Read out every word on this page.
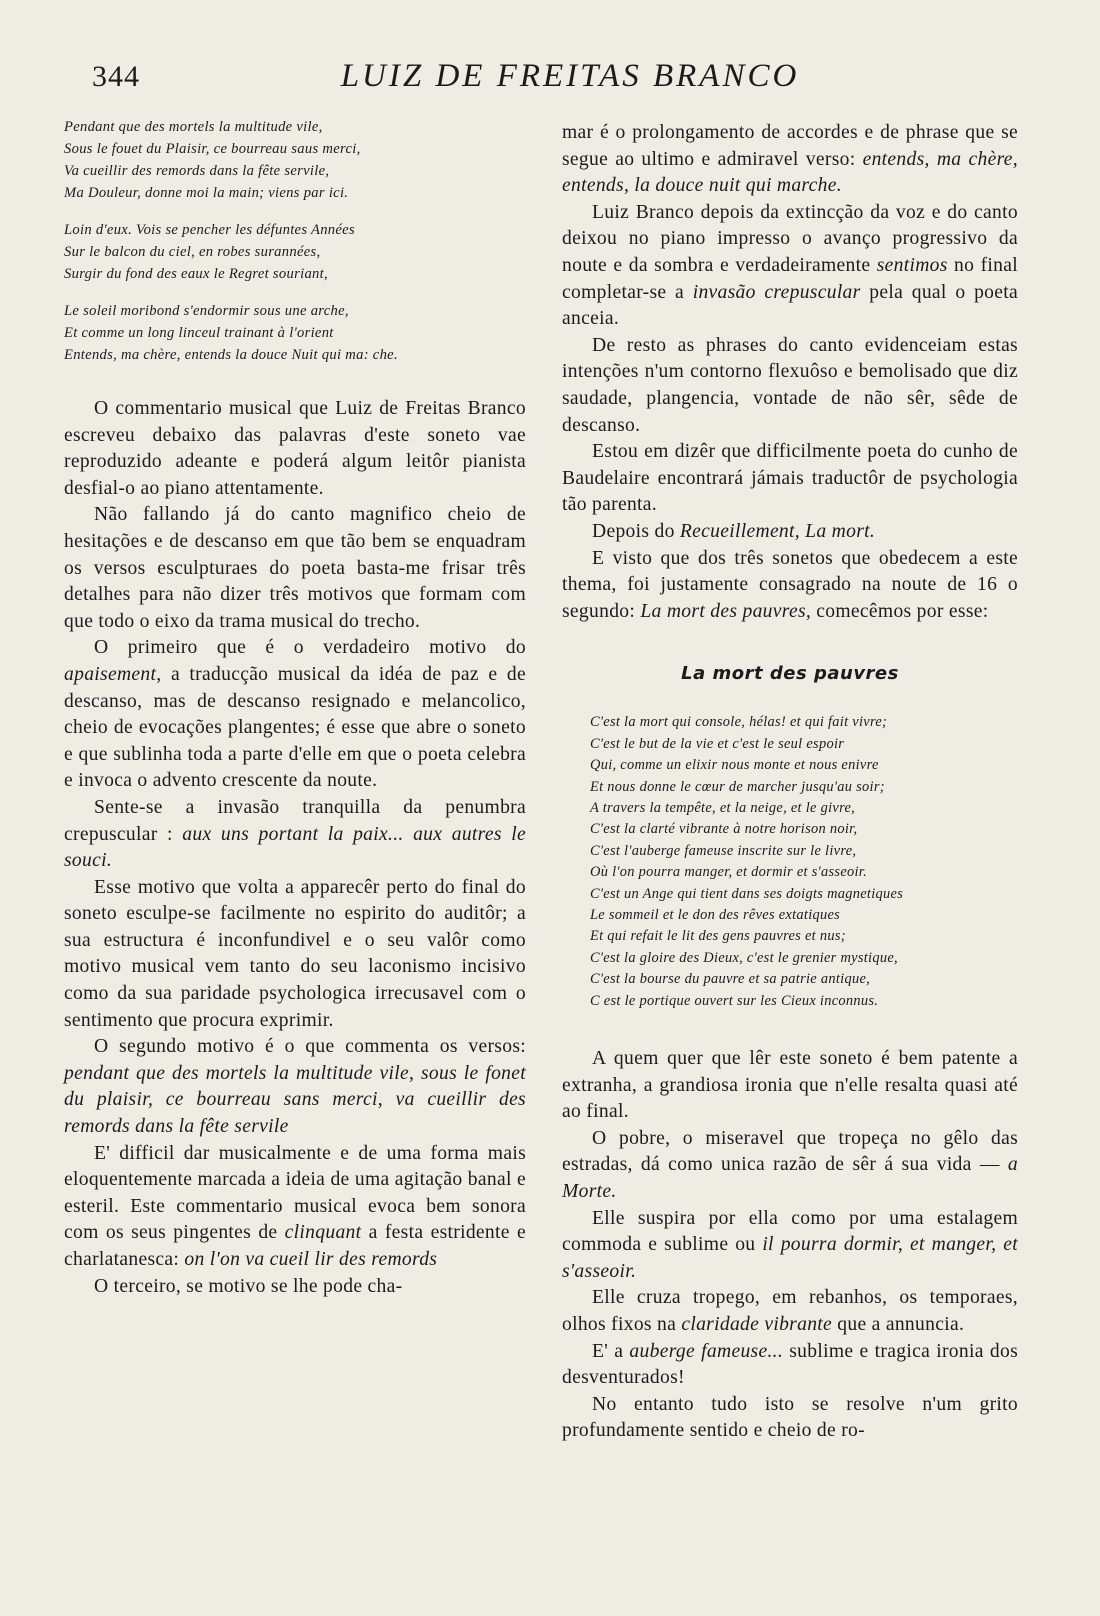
344	LUIZ DE FREITAS BRANCO
Pendant que des mortels la multitude vile,
Sous le fouet du Plaisir, ce bourreau saus merci,
Va cueillir des remords dans la fête servile,
Ma Douleur, donne moi la main; viens par ici.
Loin d'eux. Vois se pencher les défuntes Années
Sur le balcon du ciel, en robes surannées,
Surgir du fond des eaux le Regret souriant,
Le soleil moribond s'endormir sous une arche,
Et comme un long linceul trainant à l'orient
Entends, ma chère, entends la douce Nuit qui ma: che.

O commentario musical que Luiz de Freitas Branco escreveu debaixo das palavras d'este soneto vae reproduzido adeante e poderá algum leitôr pianista desfial-o ao piano attentamente.

Não fallando já do canto magnifico cheio de hesitações e de descanso em que tão bem se enquadram os versos esculpturaes do poeta basta-me frisar três detalhes para não dizer três motivos que formam com que todo o eixo da trama musical do trecho.

O primeiro que é o verdadeiro motivo do apaisement, a traducção musical da idéa de paz e de descanso, mas de descanso resignado e melancolico, cheio de evocações plangentes; é esse que abre o soneto e que sublinha toda a parte d'elle em que o poeta celebra e invoca o advento crescente da noute.

Sente-se a invasão tranquilla da penumbra crepuscular : aux uns portant la paix... aux autres le souci.

Esse motivo que volta a apparecêr perto do final do soneto esculpe-se facilmente no espirito do auditôr; a sua estructura é inconfundivel e o seu valôr como motivo musical vem tanto do seu laconismo incisivo como da sua paridade psychologica irrecusavel com o sentimento que procura exprimir.

O segundo motivo é o que commenta os versos: pendant que des mortels la multitude vile, sous le fonet du plaisir, ce bourreau sans merci, va cueillir des remords dans la fête servile

E' difficil dar musicalmente e de uma forma mais eloquentemente marcada a ideia de uma agitação banal e esteril. Este commentario musical evoca bem sonora com os seus pingentes de clinquant a festa estridente e charlatanesca: on l'on va cueil lir des remords

O terceiro, se motivo se lhe pode cha-

mar é o prolongamento de accordes e de phrase que se segue ao ultimo e admiravel verso: entends, ma chère, entends, la douce nuit qui marche.

Luiz Branco depois da extincção da voz e do canto deixou no piano impresso o avanço progressivo da noute e da sombra e verdadeiramente sentimos no final completar-se a invasão crepuscular pela qual o poeta anceia.

De resto as phrases do canto evidenceiam estas intenções n'um contorno flexuôso e bemolisado que diz saudade, plangencia, vontade de não sêr, sêde de descanso.

Estou em dizêr que difficilmente poeta do cunho de Baudelaire encontrará jámais traductôr de psychologia tão parenta.

Depois do Recueillement, La mort.

E visto que dos três sonetos que obedecem a este thema, foi justamente consagrado na noute de 16 o segundo: La mort des pauvres, comecêmos por esse:

La mort des pauvres
C'est la mort qui console, hélas! et qui fait vivre;
C'est le but de la vie et c'est le seul espoir
Qui, comme un elixir nous monte et nous enivre
Et nous donne le cœur de marcher jusqu'au soir;
A travers la tempête, et la neige, et le givre,
C'est la clarté vibrante à notre horison noir,
C'est l'auberge fameuse inscrite sur le livre,
Où l'on pourra manger, et dormir et s'asseoir.
C'est un Ange qui tient dans ses doigts magnetiques
Le sommeil et le don des rêves extatiques
Et qui refait le lit des gens pauvres et nus;
C'est la gloire des Dieux, c'est le grenier mystique,
C'est la bourse du pauvre et sa patrie antique,
C est le portique ouvert sur les Cieux inconnus.

A quem quer que lêr este soneto é bem patente a extranha, a grandiosa ironia que n'elle resalta quasi até ao final.

O pobre, o miseravel que tropeça no gêlo das estradas, dá como unica razão de sêr á sua vida — a Morte.

Elle suspira por ella como por uma estalagem commoda e sublime ou il pourra dormir, et manger, et s'asseoir.

Elle cruza tropego, em rebanhos, os temporaes, olhos fixos na claridade vibrante que a annuncia.

E' a auberge fameuse... sublime e tragica ironia dos desventurados!

No entanto tudo isto se resolve n'um grito profundamente sentido e cheio de ro-
